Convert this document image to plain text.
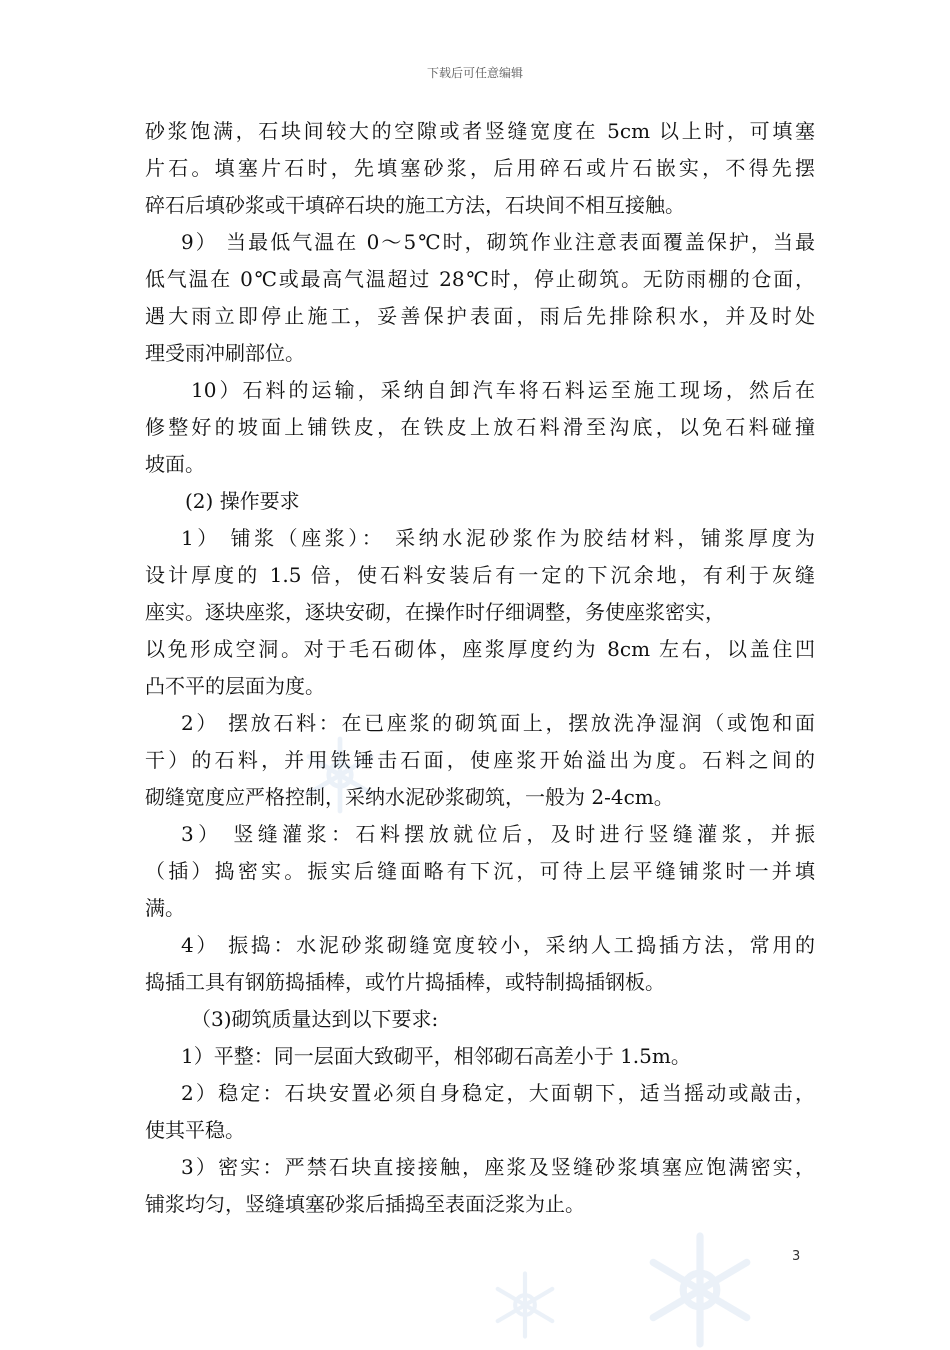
下载后可任意编辑
砂浆饱满，石块间较大的空隙或者竖缝宽度在 5cm 以上时，可填塞
片石。填塞片石时，先填塞砂浆，后用碎石或片石嵌实，不得先摆
碎石后填砂浆或干填碎石块的施工方法，石块间不相互接触。
9） 当最低气温在 0～5℃时，砌筑作业注意表面覆盖保护，当最
低气温在 0℃或最高气温超过 28℃时，停止砌筑。无防雨棚的仓面，
遇大雨立即停止施工，妥善保护表面，雨后先排除积水，并及时处
理受雨冲刷部位。
10）石料的运输，采纳自卸汽车将石料运至施工现场，然后在
修整好的坡面上铺铁皮，在铁皮上放石料滑至沟底，以免石料碰撞
坡面。
(2) 操作要求
1） 铺浆（座浆）： 采纳水泥砂浆作为胶结材料，铺浆厚度为
设计厚度的 1.5 倍，使石料安装后有一定的下沉余地，有利于灰缝
座实。逐块座浆，逐块安砌，在操作时仔细调整，务使座浆密实，
以免形成空洞。对于毛石砌体，座浆厚度约为 8cm 左右，以盖住凹
凸不平的层面为度。
2） 摆放石料：在已座浆的砌筑面上，摆放洗净湿润（或饱和面
干）的石料，并用铁锤击石面，使座浆开始溢出为度。石料之间的
砌缝宽度应严格控制，采纳水泥砂浆砌筑，一般为 2-4cm。
3） 竖缝灌浆：石料摆放就位后，及时进行竖缝灌浆，并振
（插）捣密实。振实后缝面略有下沉，可待上层平缝铺浆时一并填
满。
4） 振捣：水泥砂浆砌缝宽度较小，采纳人工捣插方法，常用的
捣插工具有钢筋捣插棒，或竹片捣插棒，或特制捣插钢板。
（3)砌筑质量达到以下要求:
1）平整：同一层面大致砌平，相邻砌石高差小于 1.5m。
2）稳定：石块安置必须自身稳定，大面朝下，适当摇动或敲击，
使其平稳。
3）密实：严禁石块直接接触，座浆及竖缝砂浆填塞应饱满密实，
铺浆均匀，竖缝填塞砂浆后插捣至表面泛浆为止。
3
